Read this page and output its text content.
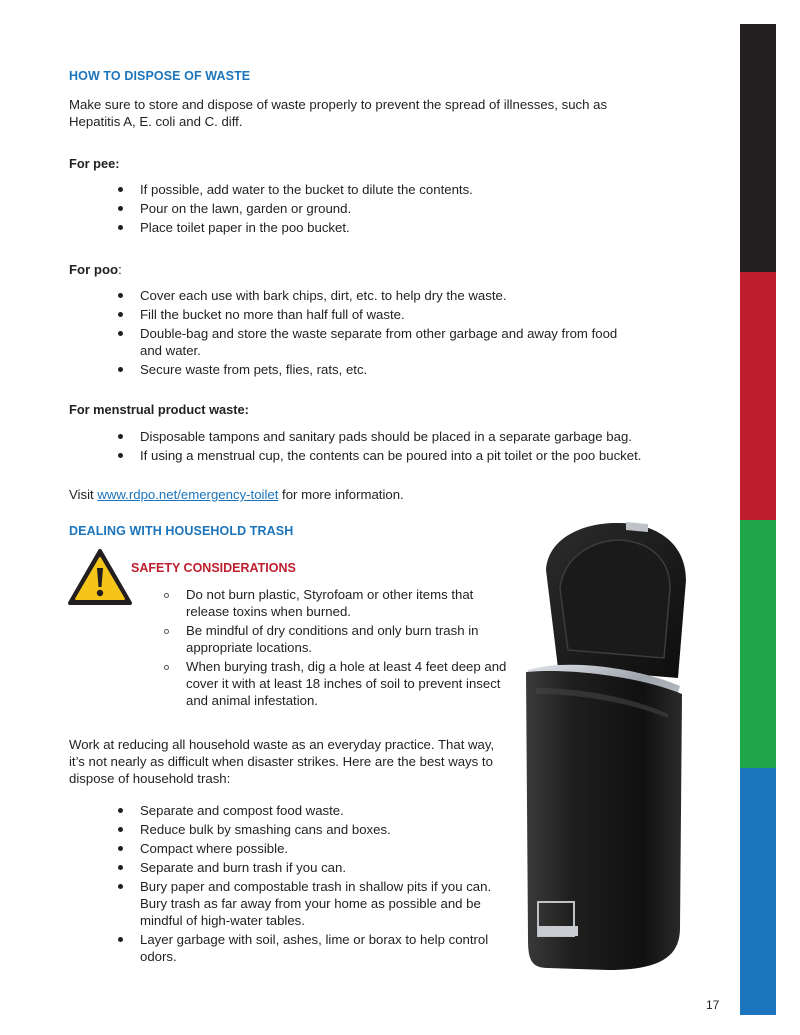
HOW TO DISPOSE OF WASTE

Make sure to store and dispose of waste properly to prevent the spread of illnesses, such as Hepatitis A, E. coli and C. diff.

For pee:
If possible, add water to the bucket to dilute the contents.
Pour on the lawn, garden or ground.
Place toilet paper in the poo bucket.
For poo:
Cover each use with bark chips, dirt, etc. to help dry the waste.
Fill the bucket no more than half full of waste.
Double-bag and store the waste separate from other garbage and away from food and water.
Secure waste from pets, flies, rats, etc.
For menstrual product waste:
Disposable tampons and sanitary pads should be placed in a separate garbage bag.
If using a menstrual cup, the contents can be poured into a pit toilet or the poo bucket.
Visit www.rdpo.net/emergency-toilet for more information.
DEALING WITH HOUSEHOLD TRASH
SAFETY CONSIDERATIONS
Do not burn plastic, Styrofoam or other items that release toxins when burned.
Be mindful of dry conditions and only burn trash in appropriate locations.
When burying trash, dig a hole at least 4 feet deep and cover it with at least 18 inches of soil to prevent insect and animal infestation.

Work at reducing all household waste as an everyday practice. That way, it’s not nearly as difficult when disaster strikes. Here are the best ways to dispose of household trash:

Separate and compost food waste.
Reduce bulk by smashing cans and boxes.
Compact where possible.
Separate and burn trash if you can.
Bury paper and compostable trash in shallow pits if you can. Bury trash as far away from your home as possible and be mindful of high-water tables.
Layer garbage with soil, ashes, lime or borax to help control odors.
17
